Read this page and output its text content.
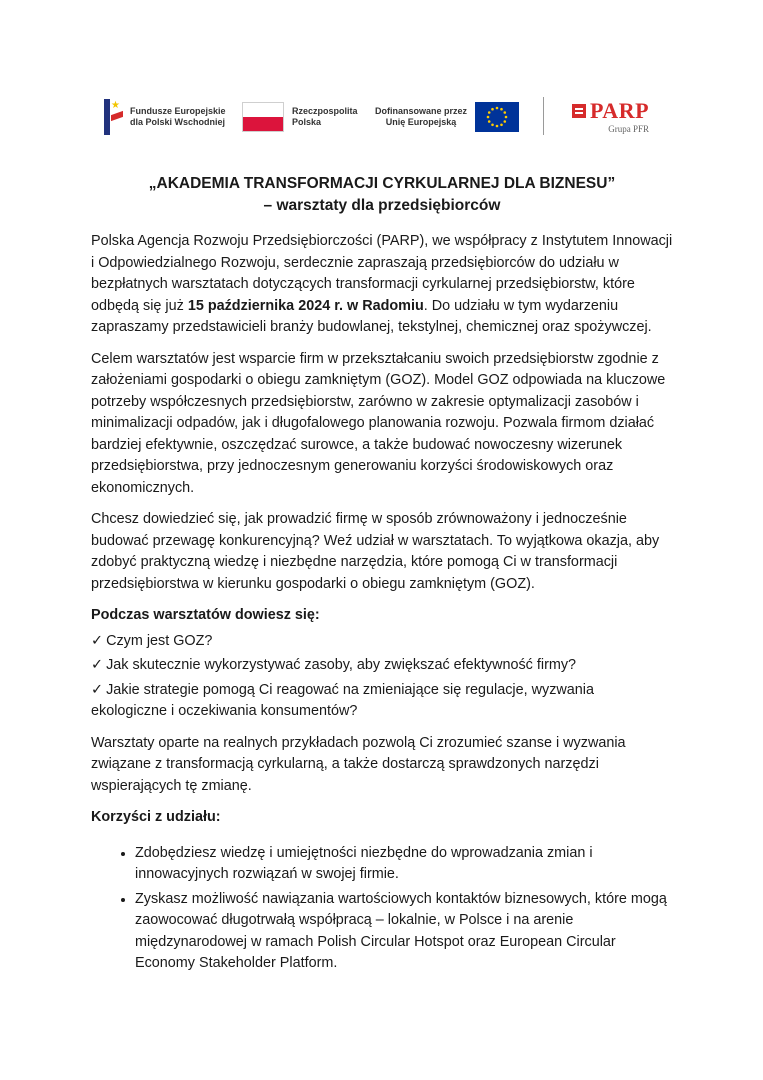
★ Fundusze Europejskie
dla Polski Wschodniej
Rzeczpospolita
Polska
Dofinansowane przez
Unię Europejską	PARP
Grupa PFR
„AKADEMIA TRANSFORMACJI CYRKULARNEJ DLA BIZNESU”
– warsztaty dla przedsiębiorców

Polska Agencja Rozwoju Przedsiębiorczości (PARP), we współpracy z Instytutem Innowacji i Odpowiedzialnego Rozwoju, serdecznie zapraszają przedsiębiorców do udziału w bezpłatnych warsztatach dotyczących transformacji cyrkularnej przedsiębiorstw, które odbędą się już 15 października 2024 r. w Radomiu. Do udziału w tym wydarzeniu zapraszamy przedstawicieli branży budowlanej, tekstylnej, chemicznej oraz spożywczej.

Celem warsztatów jest wsparcie firm w przekształcaniu swoich przedsiębiorstw zgodnie z założeniami gospodarki o obiegu zamkniętym (GOZ). Model GOZ odpowiada na kluczowe potrzeby współczesnych przedsiębiorstw, zarówno w zakresie optymalizacji zasobów i minimalizacji odpadów, jak i długofalowego planowania rozwoju. Pozwala firmom działać bardziej efektywnie, oszczędzać surowce, a także budować nowoczesny wizerunek przedsiębiorstwa, przy jednoczesnym generowaniu korzyści środowiskowych oraz ekonomicznych.

Chcesz dowiedzieć się, jak prowadzić firmę w sposób zrównoważony i jednocześnie budować przewagę konkurencyjną? Weź udział w warsztatach. To wyjątkowa okazja, aby zdobyć praktyczną wiedzę i niezbędne narzędzia, które pomogą Ci w transformacji przedsiębiorstwa w kierunku gospodarki o obiegu zamkniętym (GOZ).

Podczas warsztatów dowiesz się:
✓ Czym jest GOZ?
✓ Jak skutecznie wykorzystywać zasoby, aby zwiększać efektywność firmy?
✓ Jakie strategie pomogą Ci reagować na zmieniające się regulacje, wyzwania ekologiczne i oczekiwania konsumentów?

Warsztaty oparte na realnych przykładach pozwolą Ci zrozumieć szanse i wyzwania związane z transformacją cyrkularną, a także dostarczą sprawdzonych narzędzi wspierających tę zmianę.

Korzyści z udziału:
• Zdobędziesz wiedzę i umiejętności niezbędne do wprowadzania zmian i innowacyjnych rozwiązań w swojej firmie.
• Zyskasz możliwość nawiązania wartościowych kontaktów biznesowych, które mogą zaowocować długotrwałą współpracą – lokalnie, w Polsce i na arenie międzynarodowej w ramach Polish Circular Hotspot oraz European Circular Economy Stakeholder Platform.
